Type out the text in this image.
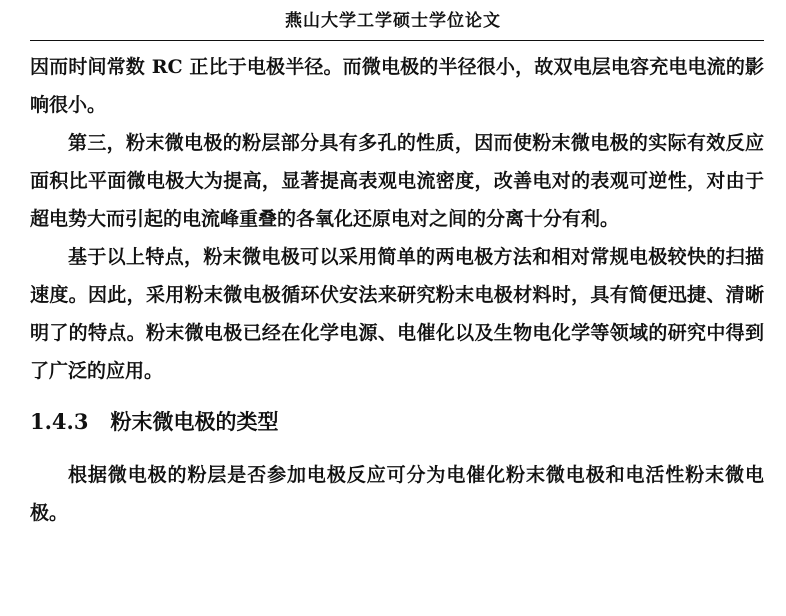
燕山大学工学硕士学位论文

因而时间常数 RC 正比于电极半径。而微电极的半径很小，故双电层电容充电电流的影响很小。

第三，粉末微电极的粉层部分具有多孔的性质，因而使粉末微电极的实际有效反应面积比平面微电极大为提高，显著提高表观电流密度，改善电对的表观可逆性，对由于超电势大而引起的电流峰重叠的各氧化还原电对之间的分离十分有利。

基于以上特点，粉末微电极可以采用简单的两电极方法和相对常规电极较快的扫描速度。因此，采用粉末微电极循环伏安法来研究粉末电极材料时，具有简便迅捷、清晰明了的特点。粉末微电极已经在化学电源、电催化以及生物电化学等领域的研究中得到了广泛的应用。

1.4.3 粉末微电极的类型

根据微电极的粉层是否参加电极反应可分为电催化粉末微电极和电活性粉末微电极。
